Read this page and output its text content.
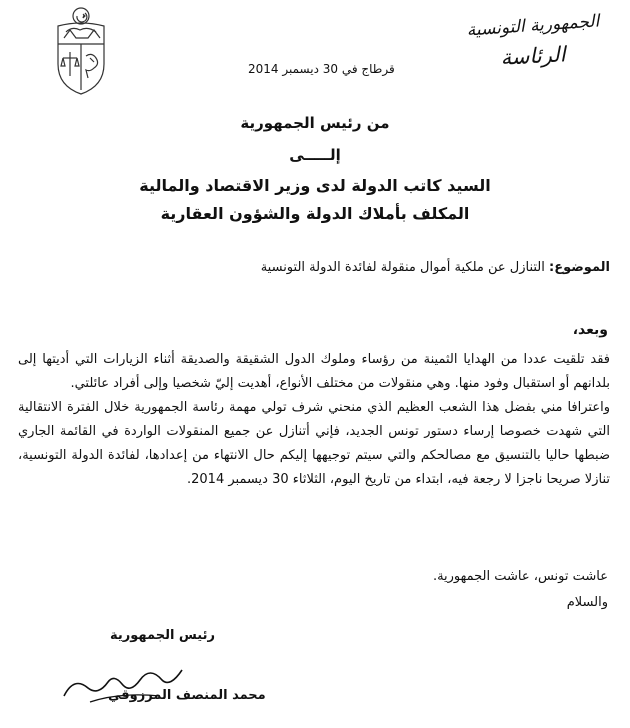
الجمهورية التونسية
الرئاسة
قرطاج في 30 ديسمبر 2014
من رئيس الجمهورية
إلـــــى
السيد كاتب الدولة لدى وزير الاقتصاد والمالية
المكلف بأملاك الدولة والشؤون العقارية
الموضوع: التنازل عن ملكية أموال منقولة لفائدة الدولة التونسية
وبعد،

فقد تلقيت عددا من الهدايا الثمينة من رؤساء وملوك الدول الشقيقة والصديقة أثناء الزيارات التي أديتها إلى بلدانهم أو استقبال وفود منها. وهي منقولات من مختلف الأنواع، أهديت إليّ شخصيا وإلى أفراد عائلتي.

واعترافا مني بفضل هذا الشعب العظيم الذي منحني شرف تولي مهمة رئاسة الجمهورية خلال الفترة الانتقالية التي شهدت خصوصا إرساء دستور تونس الجديد، فإني أتنازل عن جميع المنقولات الواردة في القائمة الجاري ضبطها حاليا بالتنسيق مع مصالحكم والتي سيتم توجيهها إليكم حال الانتهاء من إعدادها، لفائدة الدولة التونسية، تنازلا صريحا ناجزا لا رجعة فيه، ابتداء من تاريخ اليوم، الثلاثاء 30 ديسمبر 2014.

عاشت تونس، عاشت الجمهورية.
والسلام
رئيس الجمهورية
محمد المنصف المرزوقي
